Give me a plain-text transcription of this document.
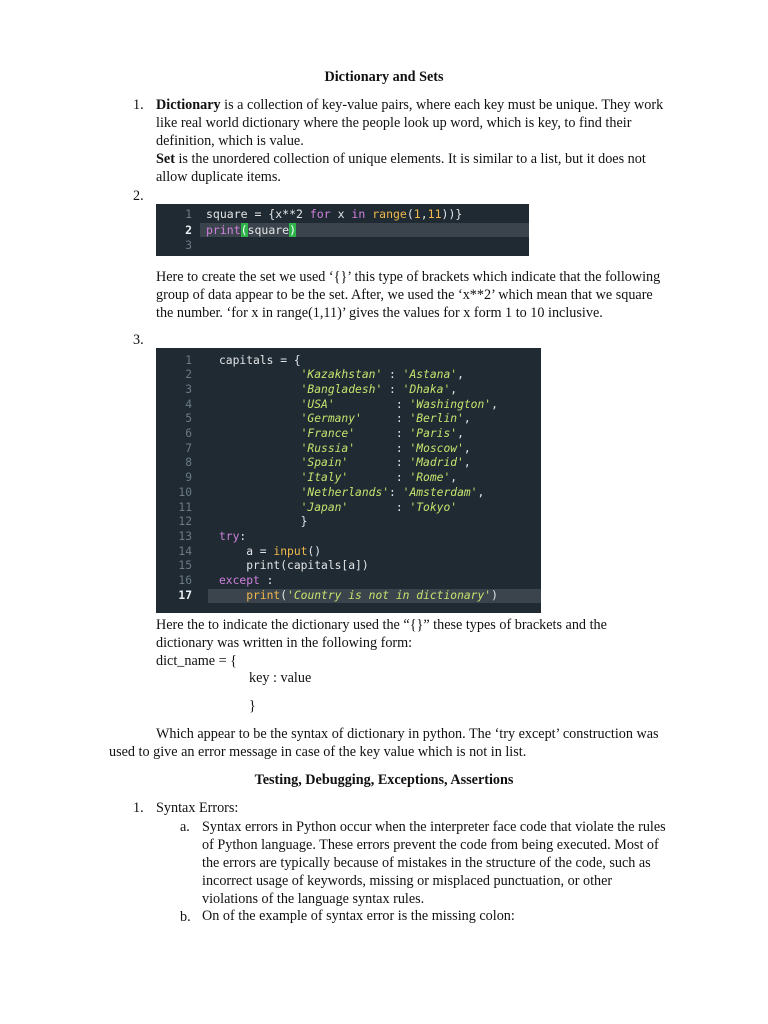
Dictionary and Sets
1. Dictionary is a collection of key-value pairs, where each key must be unique. They work
like real world dictionary where the people look up word, which is key, to find their
definition, which is value.
Set is the unordered collection of unique elements. It is similar to a list, but it does not
allow duplicate items.
2.
1 square = {x**2 for x in range(1,11))}
2 print(square)
3
Here to create the set we used ‘{}’ this type of brackets which indicate that the following
group of data appear to be the set. After, we used the ‘x**2’ which mean that we square
the number. ‘for x in range(1,11)’ gives the values for x form 1 to 10 inclusive.
3.
1 capitals = {
2	'Kazakhstan' : 'Astana',
3	'Bangladesh' : 'Dhaka',
4	'USA'         : 'Washington',
5	'Germany'     : 'Berlin',
6	'France'      : 'Paris',
7	'Russia'      : 'Moscow',
8	'Spain'       : 'Madrid',
9	'Italy'       : 'Rome',
10	'Netherlands': 'Amsterdam',
11	'Japan'       : 'Tokyo'
12 }
13 try:
14 a = input()
15 print(capitals[a])
16 except :
17	print('Country is not in dictionary')
Here the to indicate the dictionary used the “{}” these types of brackets and the
dictionary was written in the following form:
dict_name = {
key : value
}
Which appear to be the syntax of dictionary in python. The ‘try except’ construction was
used to give an error message in case of the key value which is not in list.
Testing, Debugging, Exceptions, Assertions
1. Syntax Errors:
a. Syntax errors in Python occur when the interpreter face code that violate the rules
of Python language. These errors prevent the code from being executed. Most of
the errors are typically because of mistakes in the structure of the code, such as
incorrect usage of keywords, missing or misplaced punctuation, or other
violations of the language syntax rules.
b. On of the example of syntax error is the missing colon:
